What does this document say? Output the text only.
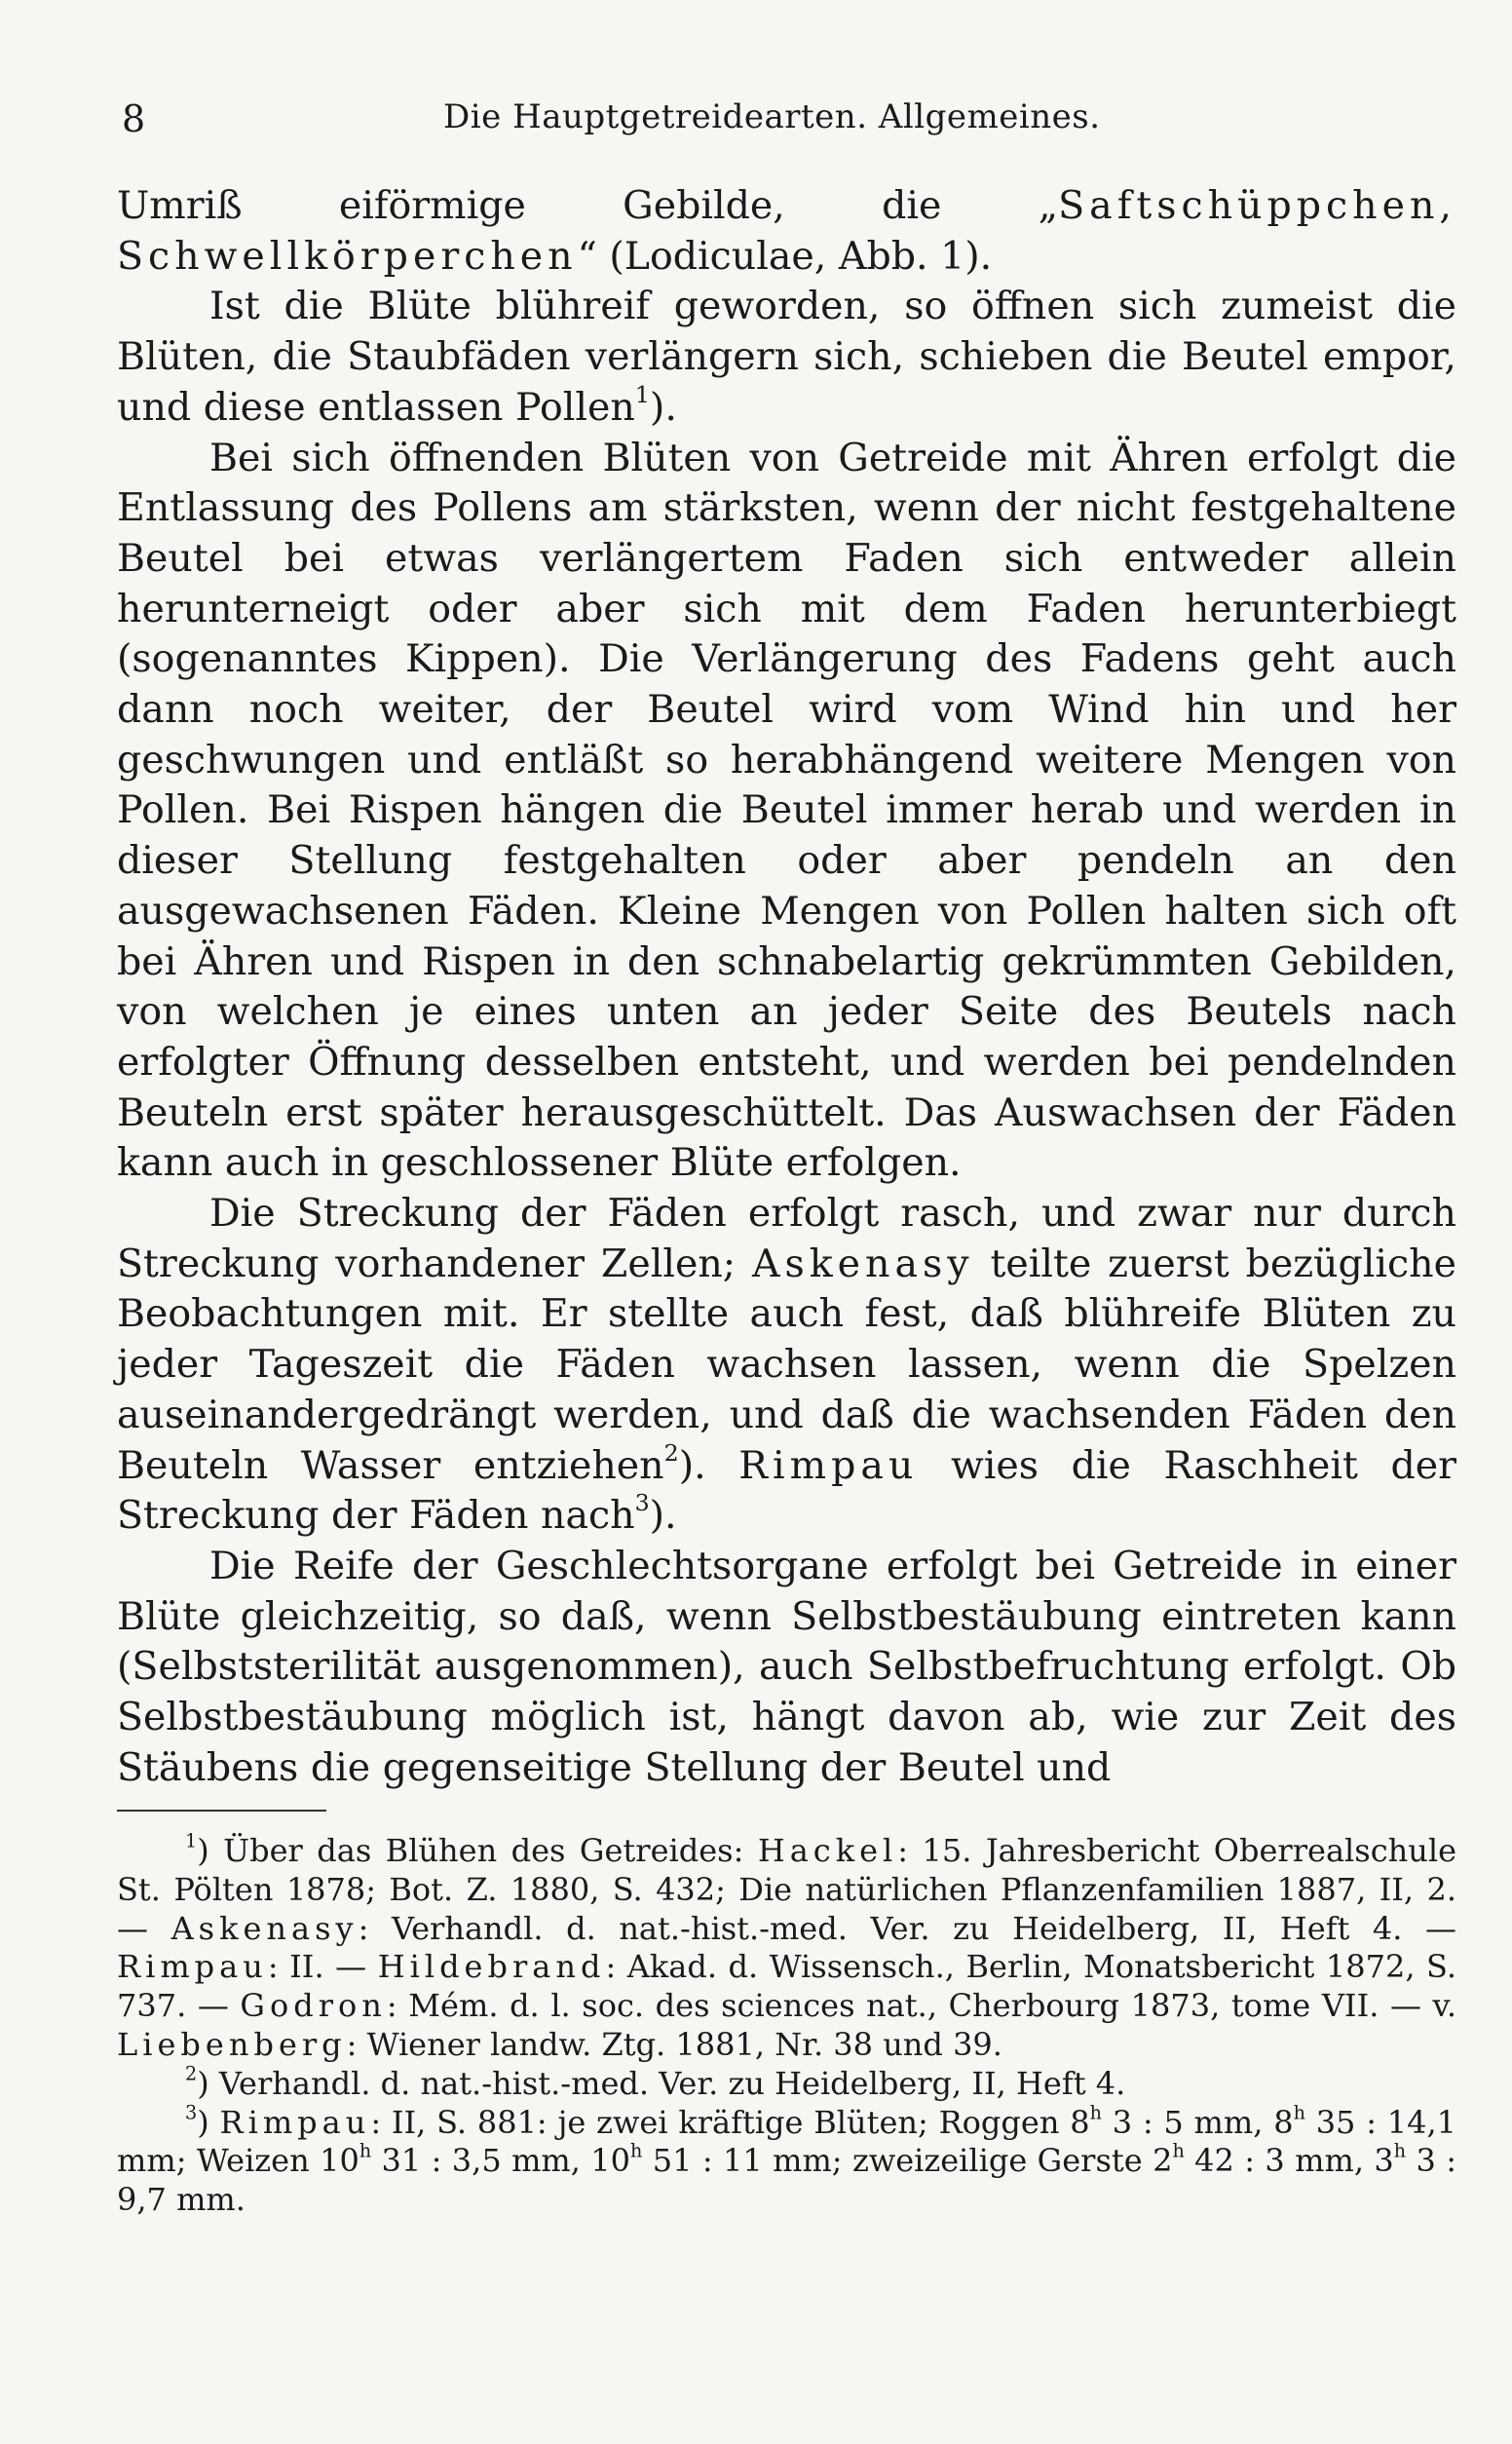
8	Die Hauptgetreidearten. Allgemeines.

Umriß eiförmige Gebilde, die „Saftschüppchen, Schwellkörperchen“ (Lodiculae, Abb. 1).

Ist die Blüte blühreif geworden, so öffnen sich zumeist die Blüten, die Staubfäden verlängern sich, schieben die Beutel empor, und diese entlassen Pollen$^1$).

Bei sich öffnenden Blüten von Getreide mit Ähren erfolgt die Entlassung des Pollens am stärksten, wenn der nicht festgehaltene Beutel bei etwas verlängertem Faden sich entweder allein herunterneigt oder aber sich mit dem Faden herunterbiegt (sogenanntes Kippen). Die Verlängerung des Fadens geht auch dann noch weiter, der Beutel wird vom Wind hin und her geschwungen und entläßt so herabhängend weitere Mengen von Pollen. Bei Rispen hängen die Beutel immer herab und werden in dieser Stellung festgehalten oder aber pendeln an den ausgewachsenen Fäden. Kleine Mengen von Pollen halten sich oft bei Ähren und Rispen in den schnabelartig gekrümmten Gebilden, von welchen je eines unten an jeder Seite des Beutels nach erfolgter Öffnung desselben entsteht, und werden bei pendelnden Beuteln erst später herausgeschüttelt. Das Auswachsen der Fäden kann auch in geschlossener Blüte erfolgen.

Die Streckung der Fäden erfolgt rasch, und zwar nur durch Streckung vorhandener Zellen; Askenasy teilte zuerst bezügliche Beobachtungen mit. Er stellte auch fest, daß blühreife Blüten zu jeder Tageszeit die Fäden wachsen lassen, wenn die Spelzen auseinandergedrängt werden, und daß die wachsenden Fäden den Beuteln Wasser entziehen$^2$). Rimpau wies die Raschheit der Streckung der Fäden nach$^3$).

Die Reife der Geschlechtsorgane erfolgt bei Getreide in einer Blüte gleichzeitig, so daß, wenn Selbstbestäubung eintreten kann (Selbststerilität ausgenommen), auch Selbstbefruchtung erfolgt. Ob Selbstbestäubung möglich ist, hängt davon ab, wie zur Zeit des Stäubens die gegenseitige Stellung der Beutel und

$^1$) Über das Blühen des Getreides: Hackel: 15. Jahresbericht Oberrealschule St. Pölten 1878; Bot. Z. 1880, S. 432; Die natürlichen Pflanzenfamilien 1887, II, 2. — Askenasy: Verhandl. d. nat.-hist.-med. Ver. zu Heidelberg, II, Heft 4. — Rimpau: II. — Hildebrand: Akad. d. Wissensch., Berlin, Monatsbericht 1872, S. 737. — Godron: Mém. d. l. soc. des sciences nat., Cherbourg 1873, tome VII. — v. Liebenberg: Wiener landw. Ztg. 1881, Nr. 38 und 39.

$^2$) Verhandl. d. nat.-hist.-med. Ver. zu Heidelberg, II, Heft 4.

$^3$) Rimpau: II, S. 881: je zwei kräftige Blüten; Roggen 8$^h$ 3 : 5 mm, 8$^h$ 35 : 14,1 mm; Weizen 10$^h$ 31 : 3,5 mm, 10$^h$ 51 : 11 mm; zweizeilige Gerste 2$^h$ 42 : 3 mm, 3$^h$ 3 : 9,7 mm.
